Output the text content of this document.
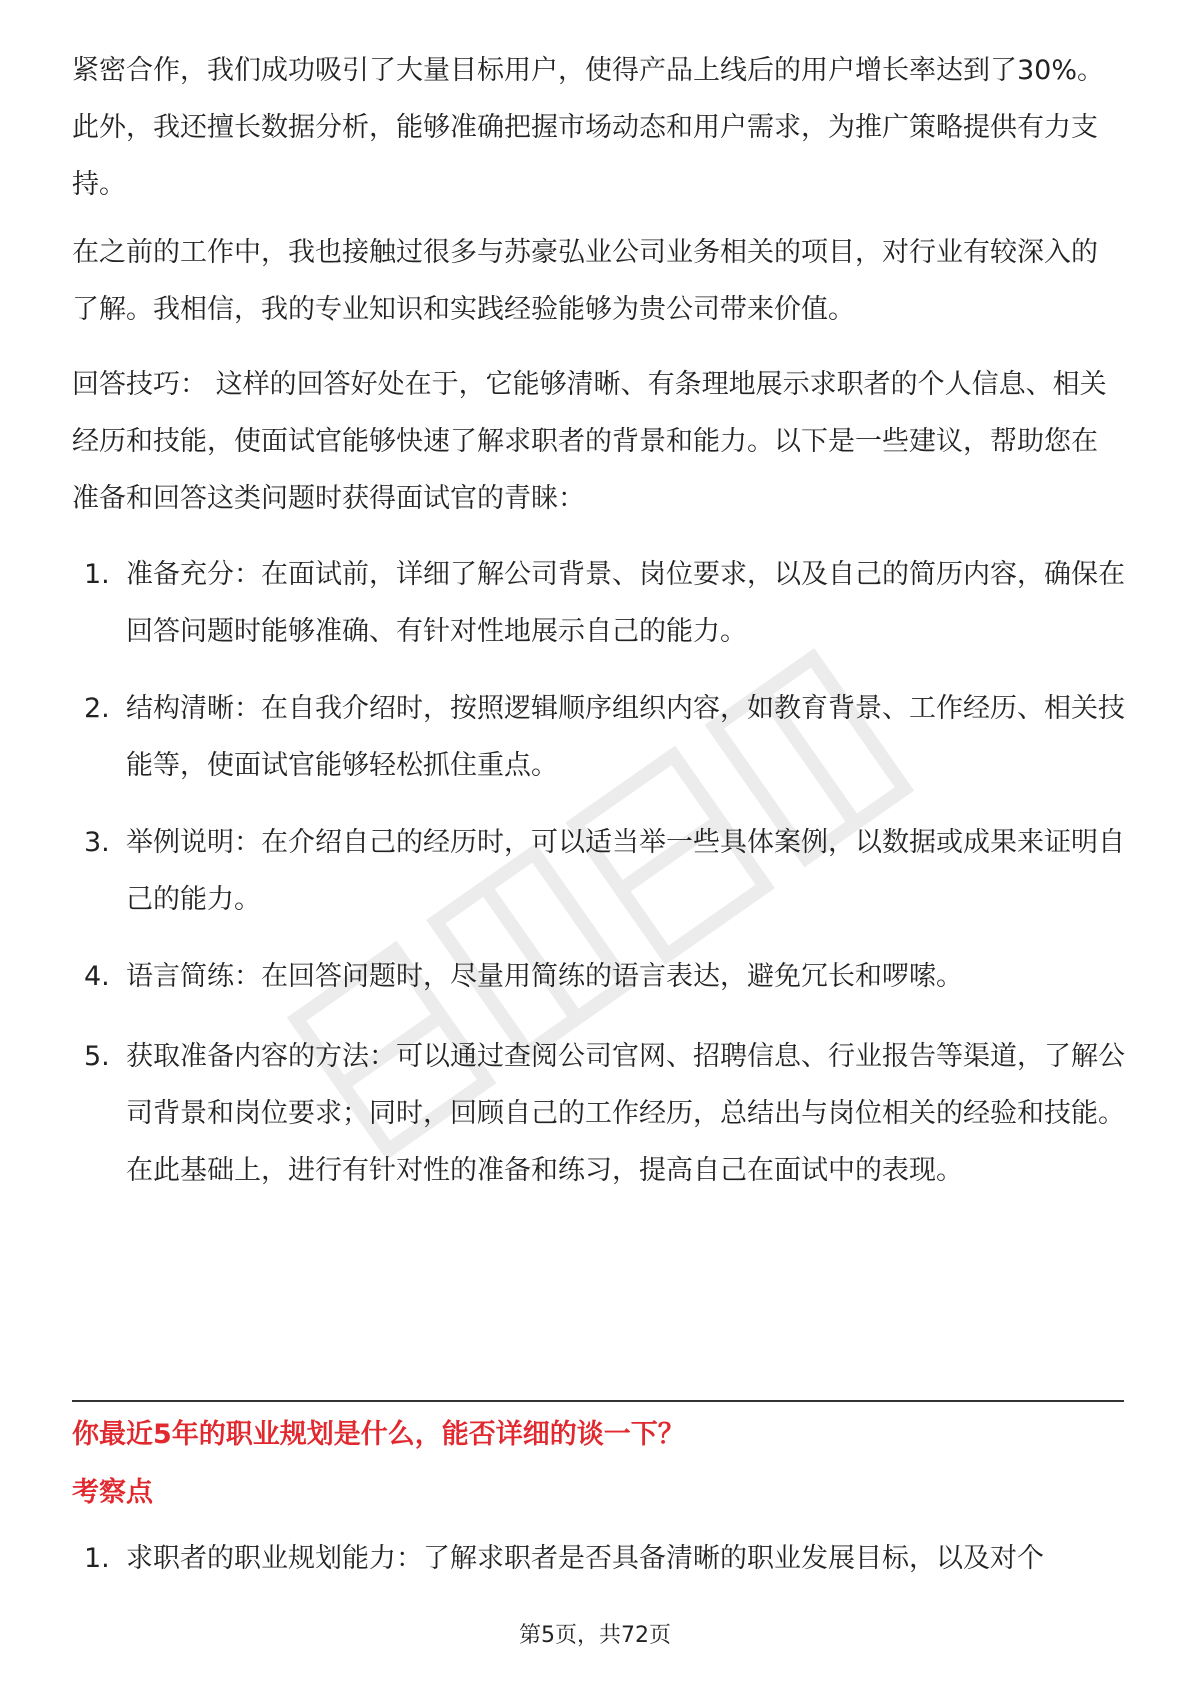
紧密合作，我们成功吸引了大量目标用户，使得产品上线后的用户增长率达到了30%。此外，我还擅长数据分析，能够准确把握市场动态和用户需求，为推广策略提供有力支持。

在之前的工作中，我也接触过很多与苏豪弘业公司业务相关的项目，对行业有较深入的了解。我相信，我的专业知识和实践经验能够为贵公司带来价值。

回答技巧： 这样的回答好处在于，它能够清晰、有条理地展示求职者的个人信息、相关经历和技能，使面试官能够快速了解求职者的背景和能力。以下是一些建议，帮助您在准备和回答这类问题时获得面试官的青睐：

1. 准备充分：在面试前，详细了解公司背景、岗位要求，以及自己的简历内容，确保在回答问题时能够准确、有针对性地展示自己的能力。
2. 结构清晰：在自我介绍时，按照逻辑顺序组织内容，如教育背景、工作经历、相关技能等，使面试官能够轻松抓住重点。
3. 举例说明：在介绍自己的经历时，可以适当举一些具体案例，以数据或成果来证明自己的能力。
4. 语言简练：在回答问题时，尽量用简练的语言表达，避免冗长和啰嗦。
5. 获取准备内容的方法：可以通过查阅公司官网、招聘信息、行业报告等渠道，了解公司背景和岗位要求；同时，回顾自己的工作经历，总结出与岗位相关的经验和技能。在此基础上，进行有针对性的准备和练习，提高自己在面试中的表现。
你最近5年的职业规划是什么，能否详细的谈一下？
考察点
1. 求职者的职业规划能力：了解求职者是否具备清晰的职业发展目标，以及对个
第5页，共72页
